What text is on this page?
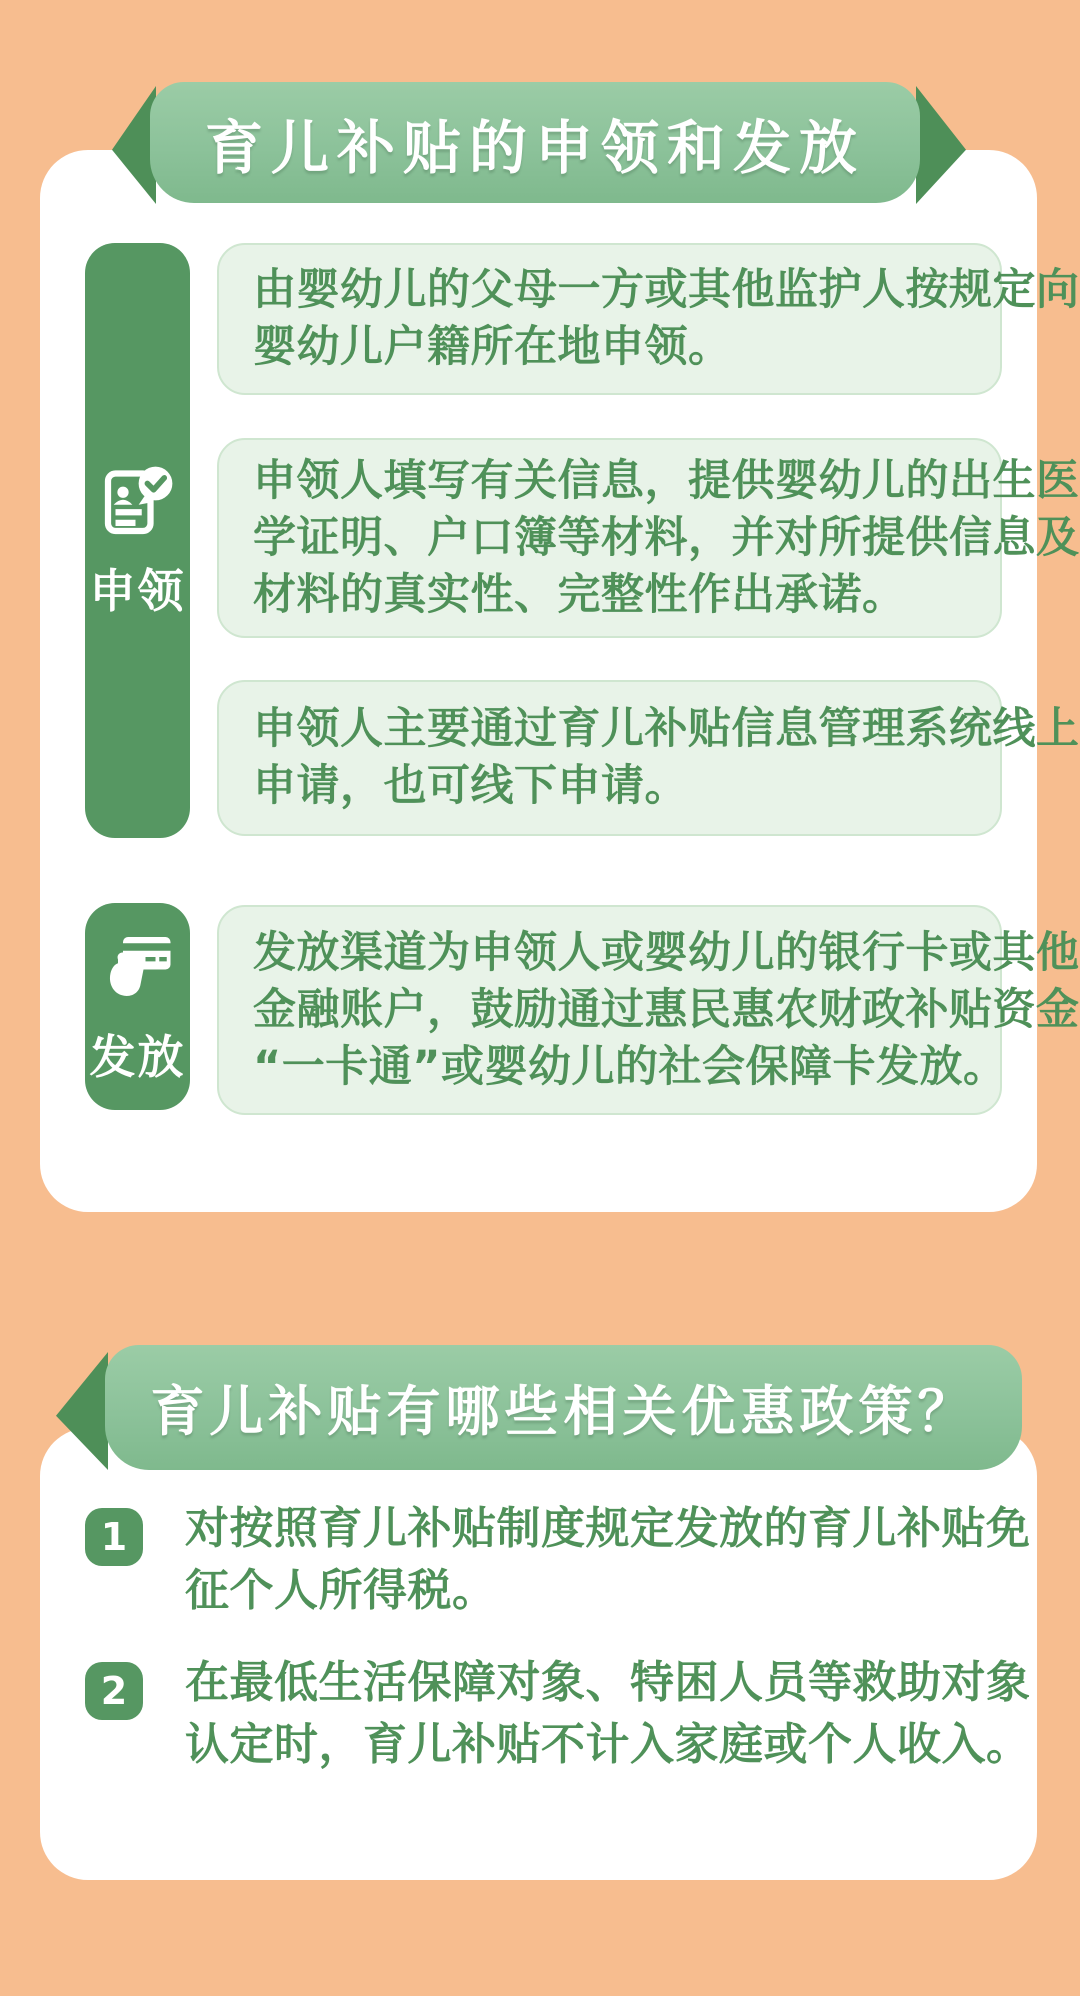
育儿补贴的申领和发放
申领
由婴幼儿的父母一方或其他监护人按规定向
婴幼儿户籍所在地申领。
申领人填写有关信息，提供婴幼儿的出生医
学证明、户口簿等材料，并对所提供信息及
材料的真实性、完整性作出承诺。
申领人主要通过育儿补贴信息管理系统线上
申请，也可线下申请。
发放
发放渠道为申领人或婴幼儿的银行卡或其他
金融账户，鼓励通过惠民惠农财政补贴资金
“一卡通”或婴幼儿的社会保障卡发放。
育儿补贴有哪些相关优惠政策？
1 对按照育儿补贴制度规定发放的育儿补贴免
征个人所得税。
2 在最低生活保障对象、特困人员等救助对象
认定时，育儿补贴不计入家庭或个人收入。
